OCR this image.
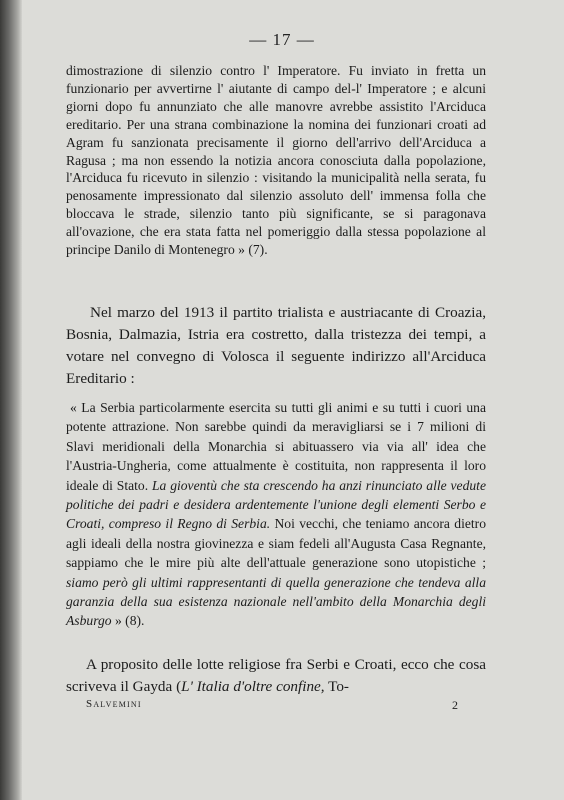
— 17 —
dimostrazione di silenzio contro l' Imperatore. Fu inviato in fretta un funzionario per avvertirne l' aiutante di campo del-l' Imperatore ; e alcuni giorni dopo fu annunziato che alle manovre avrebbe assistito l'Arciduca ereditario. Per una strana combinazione la nomina dei funzionari croati ad Agram fu sanzionata precisamente il giorno dell'arrivo dell'Arciduca a Ragusa ; ma non essendo la notizia ancora conosciuta dalla popolazione, l'Arciduca fu ricevuto in silenzio : visitando la municipalità nella serata, fu penosamente impressionato dal silenzio assoluto dell' immensa folla che bloccava le strade, silenzio tanto più significante, se si paragonava all'ovazione, che era stata fatta nel pomeriggio dalla stessa popolazione al principe Danilo di Montenegro » (7).
Nel marzo del 1913 il partito trialista e austriacante di Croazia, Bosnia, Dalmazia, Istria era costretto, dalla tristezza dei tempi, a votare nel convegno di Volosca il seguente indirizzo all'Arciduca Ereditario :
« La Serbia particolarmente esercita su tutti gli animi e su tutti i cuori una potente attrazione. Non sarebbe quindi da meravigliarsi se i 7 milioni di Slavi meridionali della Monarchia si abituassero via via all' idea che l'Austria-Ungheria, come attualmente è costituita, non rappresenta il loro ideale di Stato. La gioventù che sta crescendo ha anzi rinunciato alle vedute politiche dei padri e desidera ardentemente l'unione degli elementi Serbo e Croati, compreso il Regno di Serbia. Noi vecchi, che teniamo ancora dietro agli ideali della nostra giovinezza e siam fedeli all'Augusta Casa Regnante, sappiamo che le mire più alte dell'attuale generazione sono utopistiche ; siamo però gli ultimi rappresentanti di quella generazione che tendeva alla garanzia della sua esistenza nazionale nell'ambito della Monarchia degli Asburgo » (8).
A proposito delle lotte religiose fra Serbi e Croati, ecco che cosa scriveva il Gayda (L' Italia d'oltre confine, To-
Salvemini	2
